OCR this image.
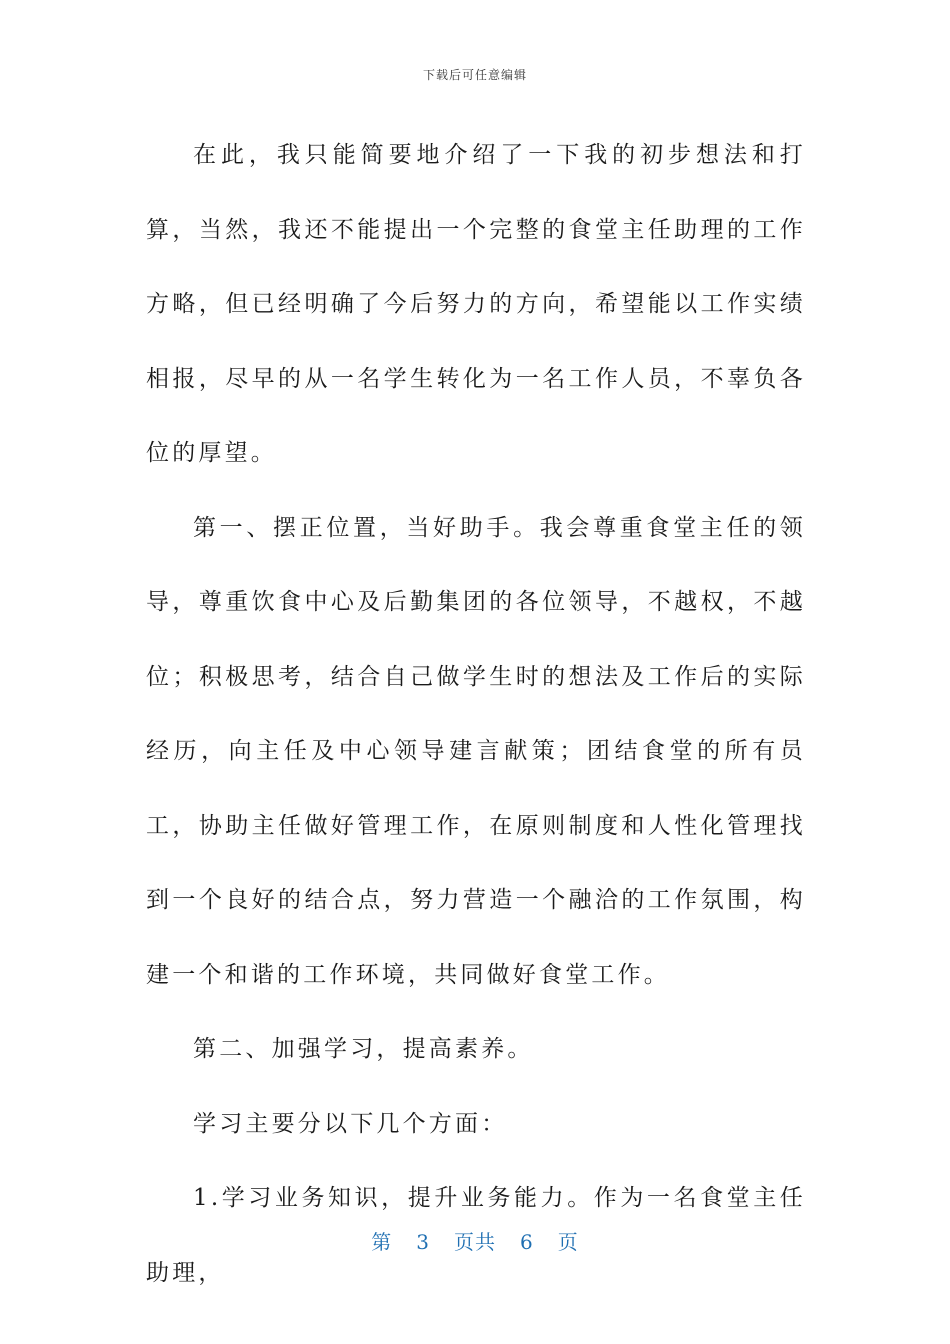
下载后可任意编辑

在此，我只能简要地介绍了一下我的初步想法和打算，当然，我还不能提出一个完整的食堂主任助理的工作方略，但已经明确了今后努力的方向，希望能以工作实绩相报，尽早的从一名学生转化为一名工作人员，不辜负各位的厚望。

第一、摆正位置，当好助手。我会尊重食堂主任的领导，尊重饮食中心及后勤集团的各位领导，不越权，不越位；积极思考，结合自己做学生时的想法及工作后的实际经历，向主任及中心领导建言献策；团结食堂的所有员工，协助主任做好管理工作，在原则制度和人性化管理找到一个良好的结合点，努力营造一个融洽的工作氛围，构建一个和谐的工作环境，共同做好食堂工作。

第二、加强学习，提高素养。

学习主要分以下几个方面：

1.学习业务知识，提升业务能力。作为一名食堂主任助理，

第 3 页共 6 页
